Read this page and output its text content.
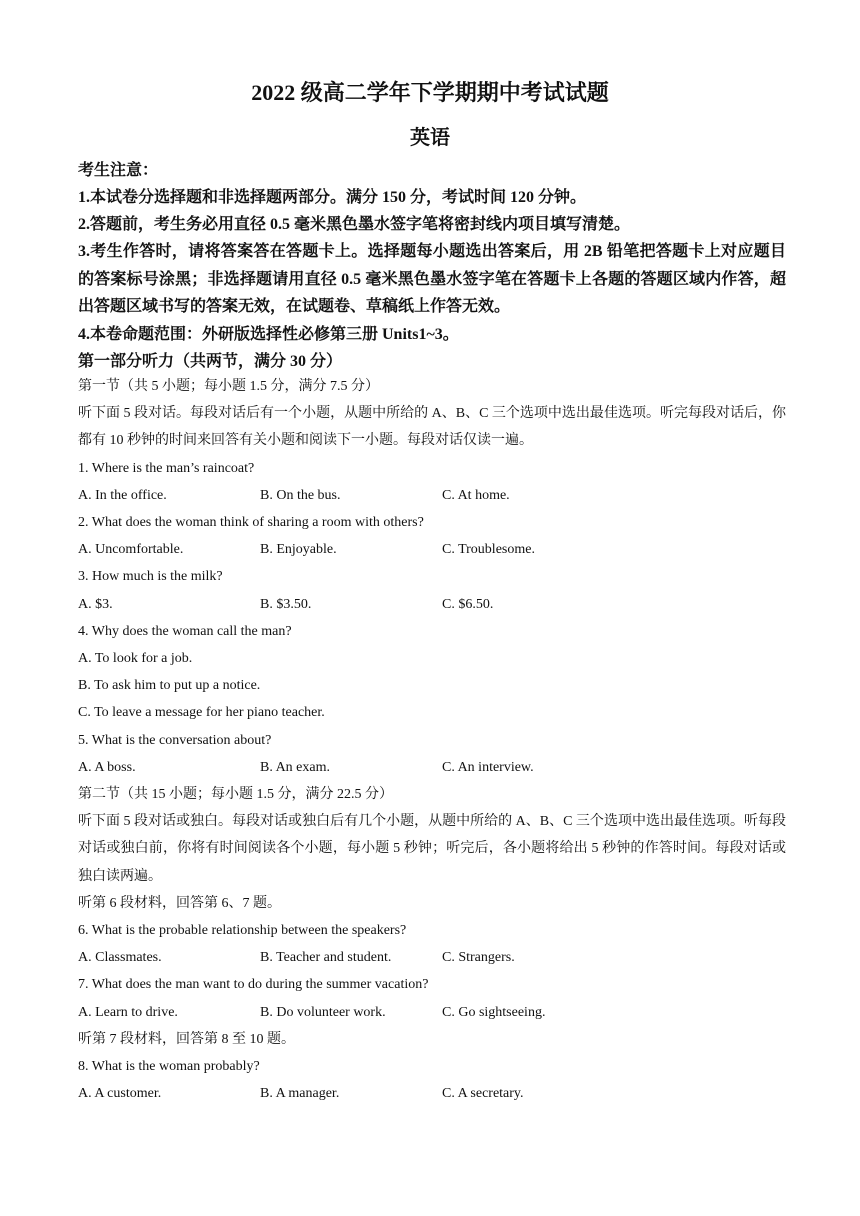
2022 级高二学年下学期期中考试试题
英语
考生注意：
1.本试卷分选择题和非选择题两部分。满分 150 分，考试时间 120 分钟。
2.答题前，考生务必用直径 0.5 毫米黑色墨水签字笔将密封线内项目填写清楚。
3.考生作答时，请将答案答在答题卡上。选择题每小题选出答案后，用 2B 铅笔把答题卡上对应题目的答案标号涂黑；非选择题请用直径 0.5 毫米黑色墨水签字笔在答题卡上各题的答题区域内作答，超出答题区域书写的答案无效，在试题卷、草稿纸上作答无效。
4.本卷命题范围：外研版选择性必修第三册 Units1~3。
第一部分听力（共两节，满分 30 分）
第一节（共 5 小题；每小题 1.5 分，满分 7.5 分）
听下面 5 段对话。每段对话后有一个小题，从题中所给的 A、B、C 三个选项中选出最佳选项。听完每段对话后，你都有 10 秒钟的时间来回答有关小题和阅读下一小题。每段对话仅读一遍。
1. Where is the man’s raincoat?
A. In the office.	B. On the bus.	C. At home.
2. What does the woman think of sharing a room with others?
A. Uncomfortable.	B. Enjoyable.	C. Troublesome.
3. How much is the milk?
A. $3.	B. $3.50.	C. $6.50.
4. Why does the woman call the man?
A. To look for a job.
B. To ask him to put up a notice.
C. To leave a message for her piano teacher.
5. What is the conversation about?
A. A boss.	B. An exam.	C. An interview.
第二节（共 15 小题；每小题 1.5 分，满分 22.5 分）
听下面 5 段对话或独白。每段对话或独白后有几个小题，从题中所给的 A、B、C 三个选项中选出最佳选项。听每段对话或独白前，你将有时间阅读各个小题，每小题 5 秒钟；听完后，各小题将给出 5 秒钟的作答时间。每段对话或独白读两遍。
听第 6 段材料，回答第 6、7 题。
6. What is the probable relationship between the speakers?
A. Classmates.	B. Teacher and student.	C. Strangers.
7. What does the man want to do during the summer vacation?
A. Learn to drive.	B. Do volunteer work.	C. Go sightseeing.
听第 7 段材料，回答第 8 至 10 题。
8. What is the woman probably?
A. A customer.	B. A manager.	C. A secretary.
